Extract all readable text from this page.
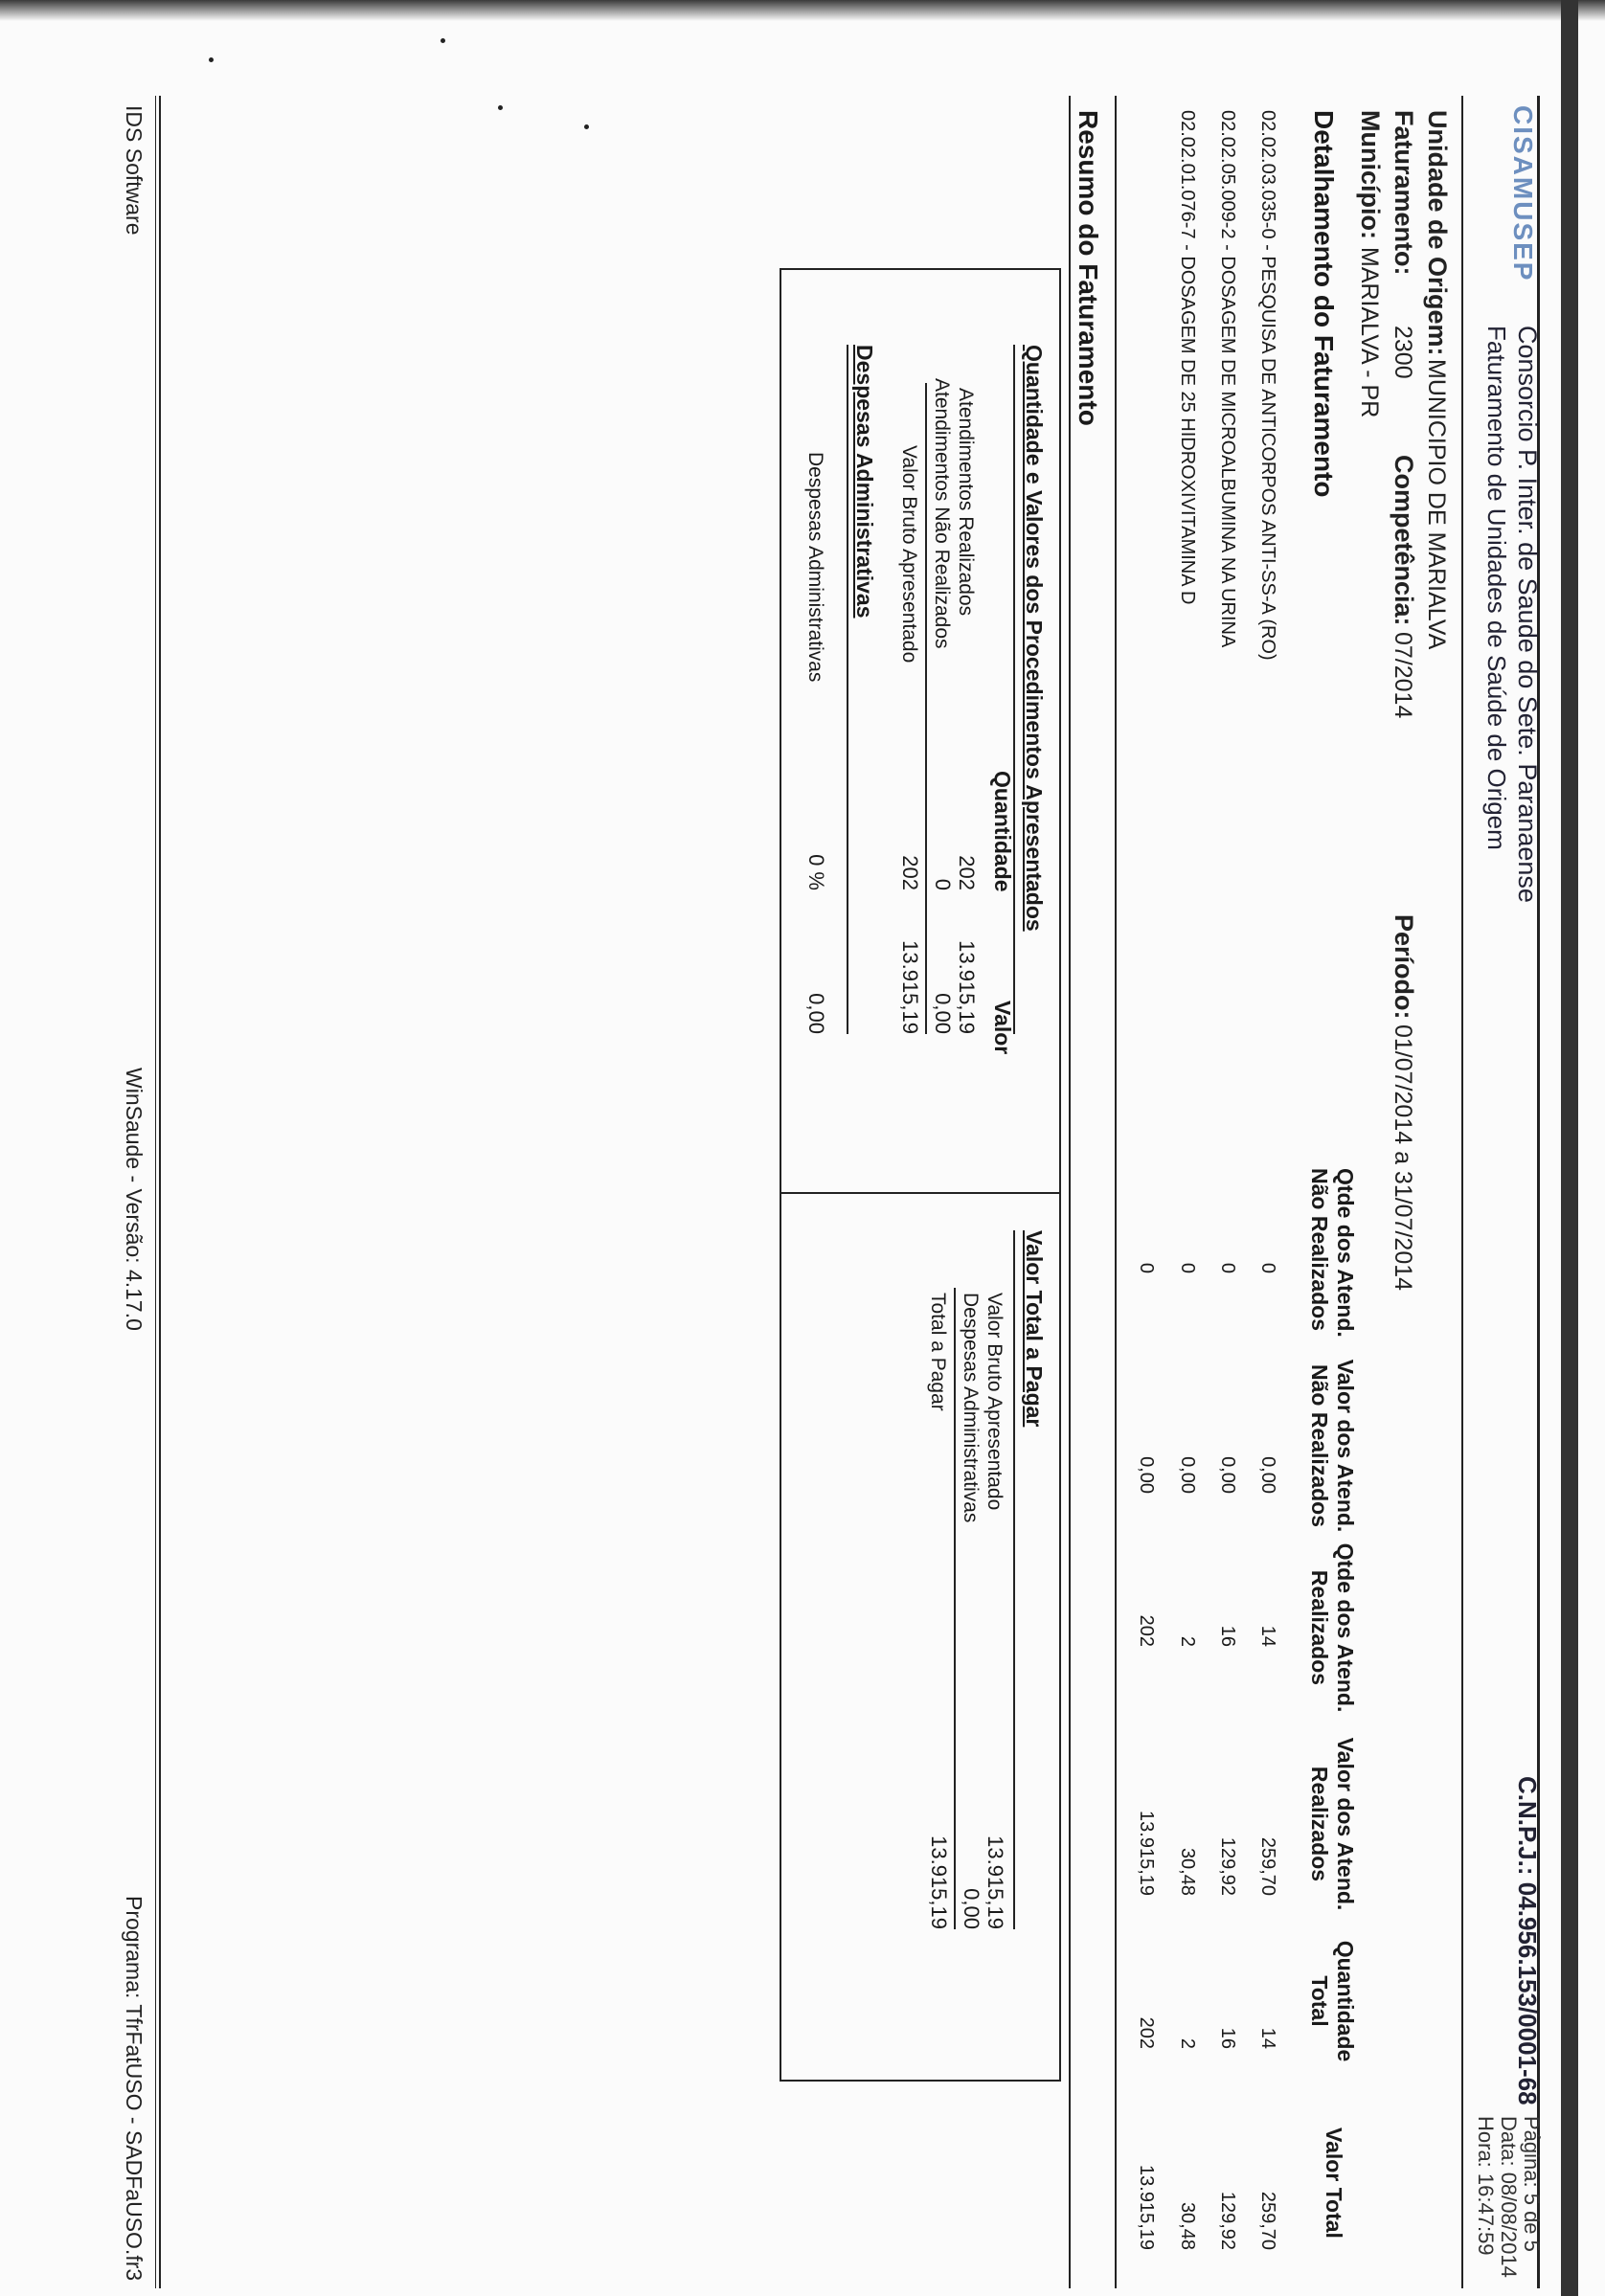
CISAMUSEP
Consorcio P. Inter. de Saude do Sete. Paranaense
Faturamento de Unidades de Saúde de Origem
C.N.P.J.: 04.956.153/0001-68
Página: 5 de 5
Data: 08/08/2014
Hora: 16:47:59
Unidade de Origem:
MUNICIPIO DE MARIALVA
Faturamento:
2300
Competência:
07/2014
Período:
01/07/2014 a 31/07/2014
Município:
MARIALVA - PR
Detalhamento do Faturamento
Qtde dos Atend.
Não Realizados
Valor dos Atend.
Não Realizados
Qtde dos Atend.
Realizados
Valor dos Atend.
Realizados
Quantidade
Total
Valor Total
02.02.03.035-0 - PESQUISA DE ANTICORPOS ANTI-SS-A (RO)
0
0,00
14
259,70
14
259,70
02.02.05.009-2 - DOSAGEM DE MICROALBUMINA NA URINA
0
0,00
16
129,92
16
129,92
02.02.01.076-7 - DOSAGEM DE 25 HIDROXIVITAMINA D
0
0,00
2
30,48
2
30,48
0
0,00
202
13.915,19
202
13.915,19
Resumo do Faturamento
Quantidade e Valores dos Procedimentos Apresentados
Quantidade
Valor
Atendimentos Realizados
202
13.915,19
Atendimentos Não Realizados
0
0,00
Valor Bruto Apresentado
202
13.915,19
Despesas Administrativas
Despesas Administrativas
0 %
0,00
Valor Total a Pagar
Valor Bruto Apresentado
13.915,19
Despesas Administrativas
0,00
Total a Pagar
13.915,19
IDS Software
WinSaude - Versão: 4.17.0
Programa: TfrFatUSO - SADFaUSO.fr3
